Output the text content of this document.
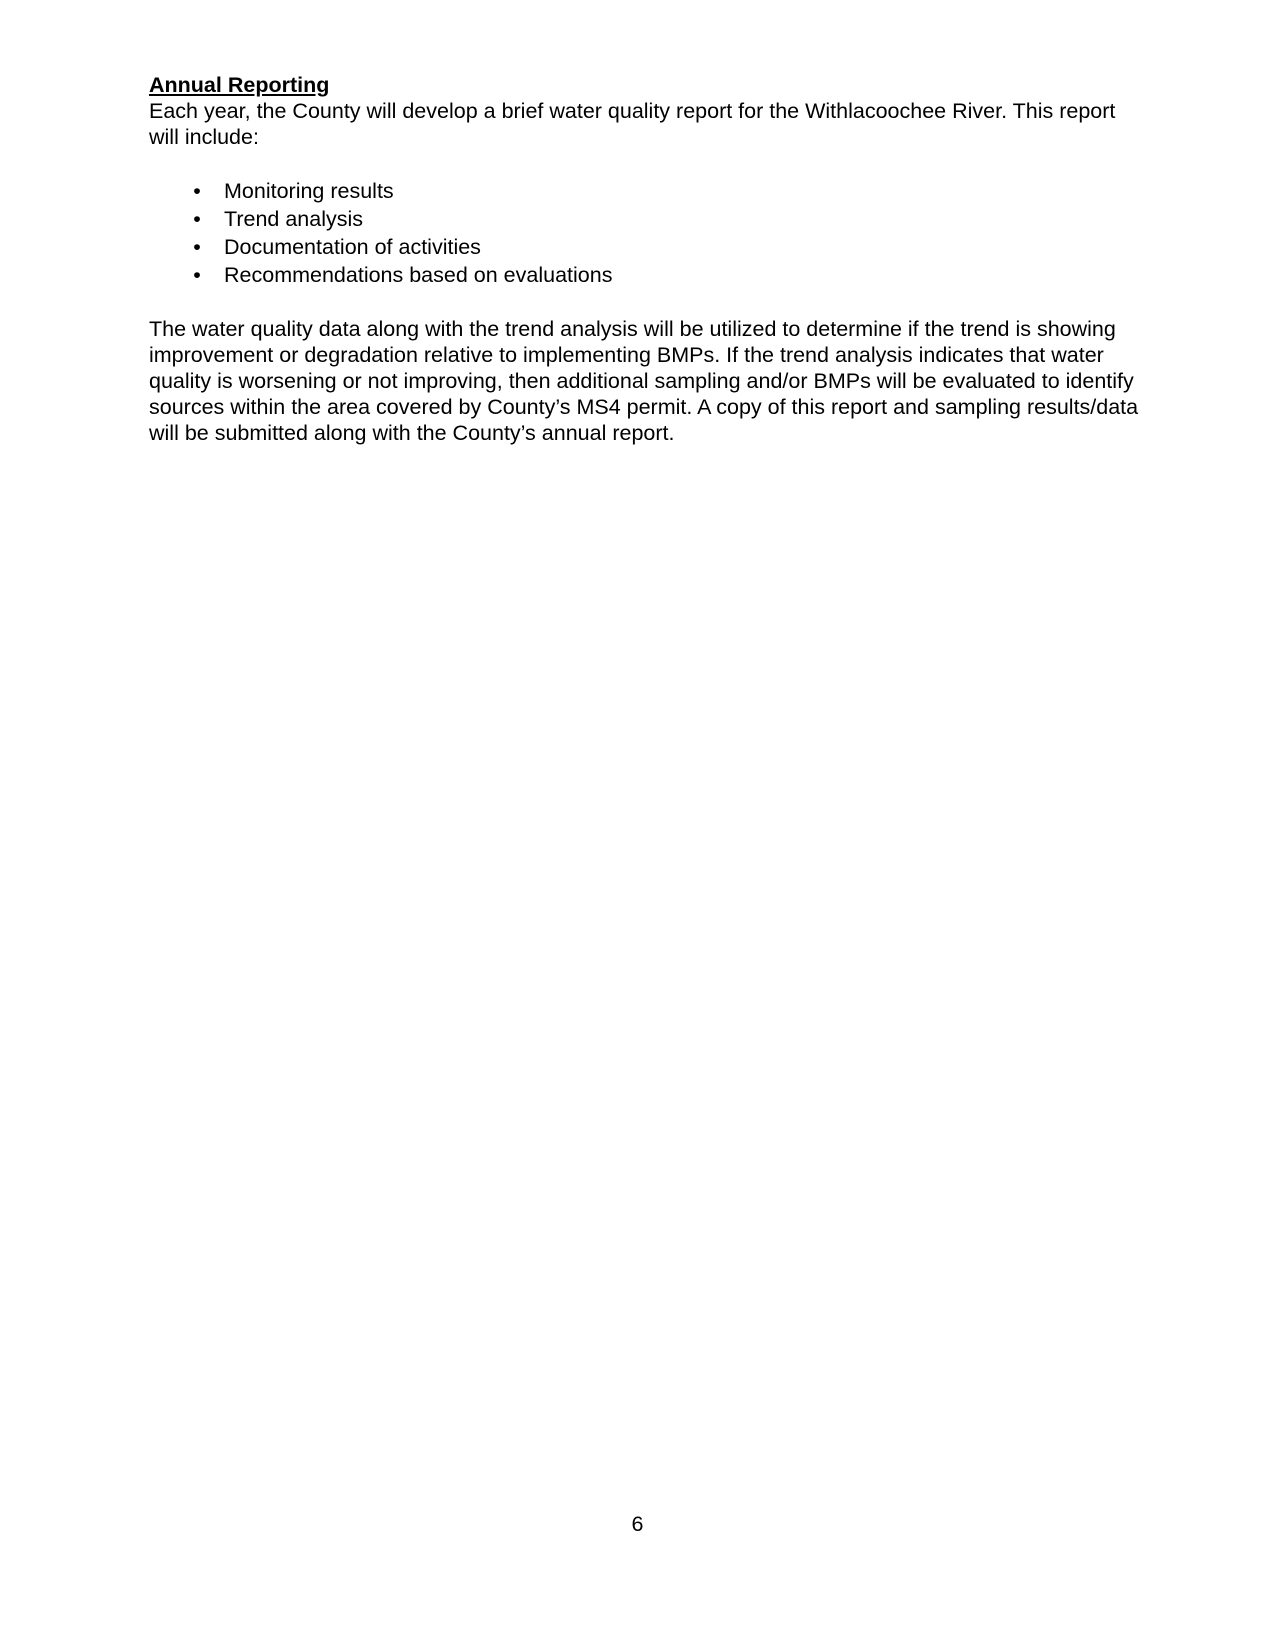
Annual Reporting

Each year, the County will develop a brief water quality report for the Withlacoochee River. This report will include:

• Monitoring results
• Trend analysis
• Documentation of activities
• Recommendations based on evaluations

The water quality data along with the trend analysis will be utilized to determine if the trend is showing improvement or degradation relative to implementing BMPs. If the trend analysis indicates that water quality is worsening or not improving, then additional sampling and/or BMPs will be evaluated to identify sources within the area covered by County’s MS4 permit. A copy of this report and sampling results/data will be submitted along with the County’s annual report.

6
